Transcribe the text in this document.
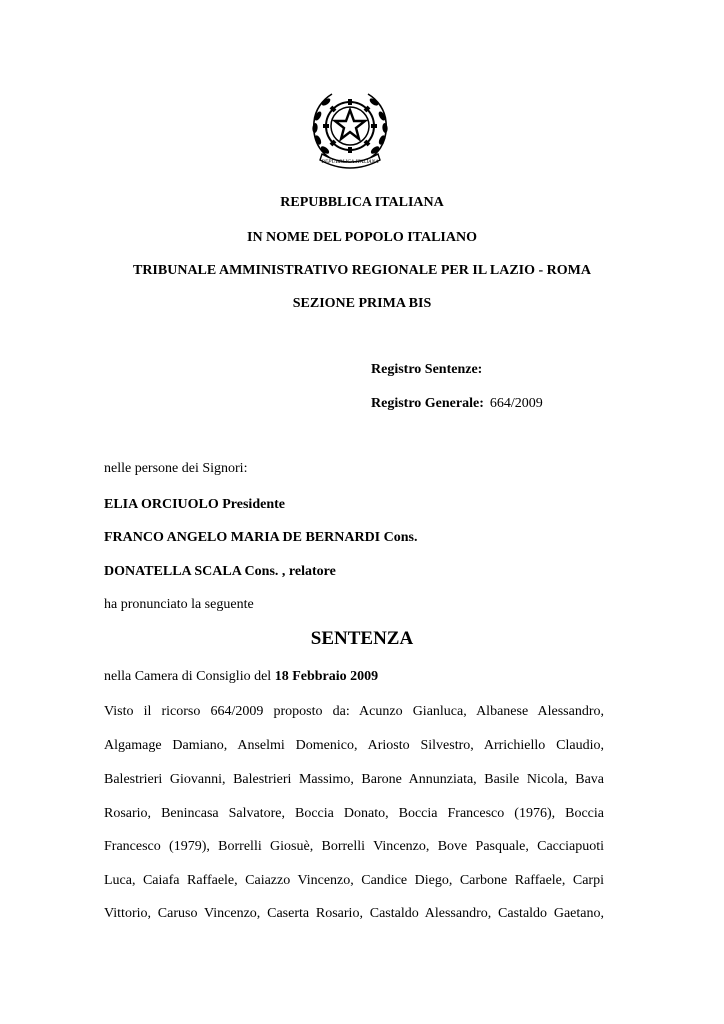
REPUBBLICA ITALIANA
REPUBBLICA ITALIANA
IN NOME DEL POPOLO ITALIANO
TRIBUNALE AMMINISTRATIVO REGIONALE PER IL LAZIO - ROMA
SEZIONE PRIMA BIS
Registro Sentenze:
Registro Generale: 664/2009
nelle persone dei Signori:
ELIA ORCIUOLO Presidente
FRANCO ANGELO MARIA DE BERNARDI Cons.
DONATELLA SCALA Cons. , relatore
ha pronunciato la seguente
SENTENZA
nella Camera di Consiglio del 18 Febbraio 2009
Visto il ricorso 664/2009 proposto da: Acunzo Gianluca, Albanese Alessandro,
Algamage Damiano, Anselmi Domenico, Ariosto Silvestro, Arrichiello Claudio,
Balestrieri Giovanni, Balestrieri Massimo, Barone Annunziata, Basile Nicola, Bava
Rosario, Benincasa Salvatore, Boccia Donato, Boccia Francesco (1976), Boccia
Francesco (1979), Borrelli Giosuè, Borrelli Vincenzo, Bove Pasquale, Cacciapuoti
Luca, Caiafa Raffaele, Caiazzo Vincenzo, Candice Diego, Carbone Raffaele, Carpi
Vittorio, Caruso Vincenzo, Caserta Rosario, Castaldo Alessandro, Castaldo Gaetano,
